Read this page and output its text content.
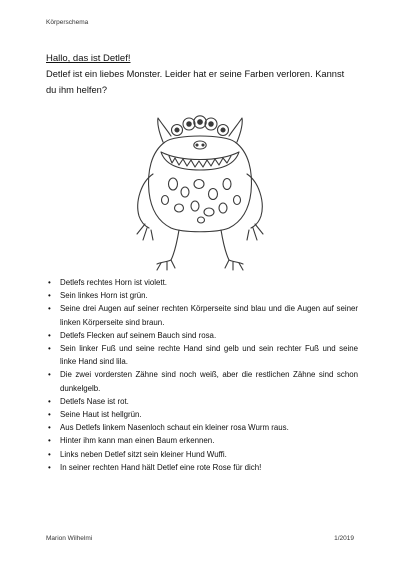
Körperschema
Hallo, das ist Detlef!
Detlef ist ein liebes Monster. Leider hat er seine Farben verloren. Kannst du ihm helfen?
• Detlefs rechtes Horn ist violett.
• Sein linkes Horn ist grün.
• Seine drei Augen auf seiner rechten Körperseite sind blau und die Augen auf seiner linken Körperseite sind braun.
• Detlefs Flecken auf seinem Bauch sind rosa.
• Sein linker Fuß und seine rechte Hand sind gelb und sein rechter Fuß und seine linke Hand sind lila.
• Die zwei vordersten Zähne sind noch weiß, aber die restlichen Zähne sind schon dunkelgelb.
• Detlefs Nase ist rot.
• Seine Haut ist hellgrün.
• Aus Detlefs linkem Nasenloch schaut ein kleiner rosa Wurm raus.
• Hinter ihm kann man einen Baum erkennen.
• Links neben Detlef sitzt sein kleiner Hund Wuffi.
• In seiner rechten Hand hält Detlef eine rote Rose für dich!
Marion Wilhelmi	1/2019
